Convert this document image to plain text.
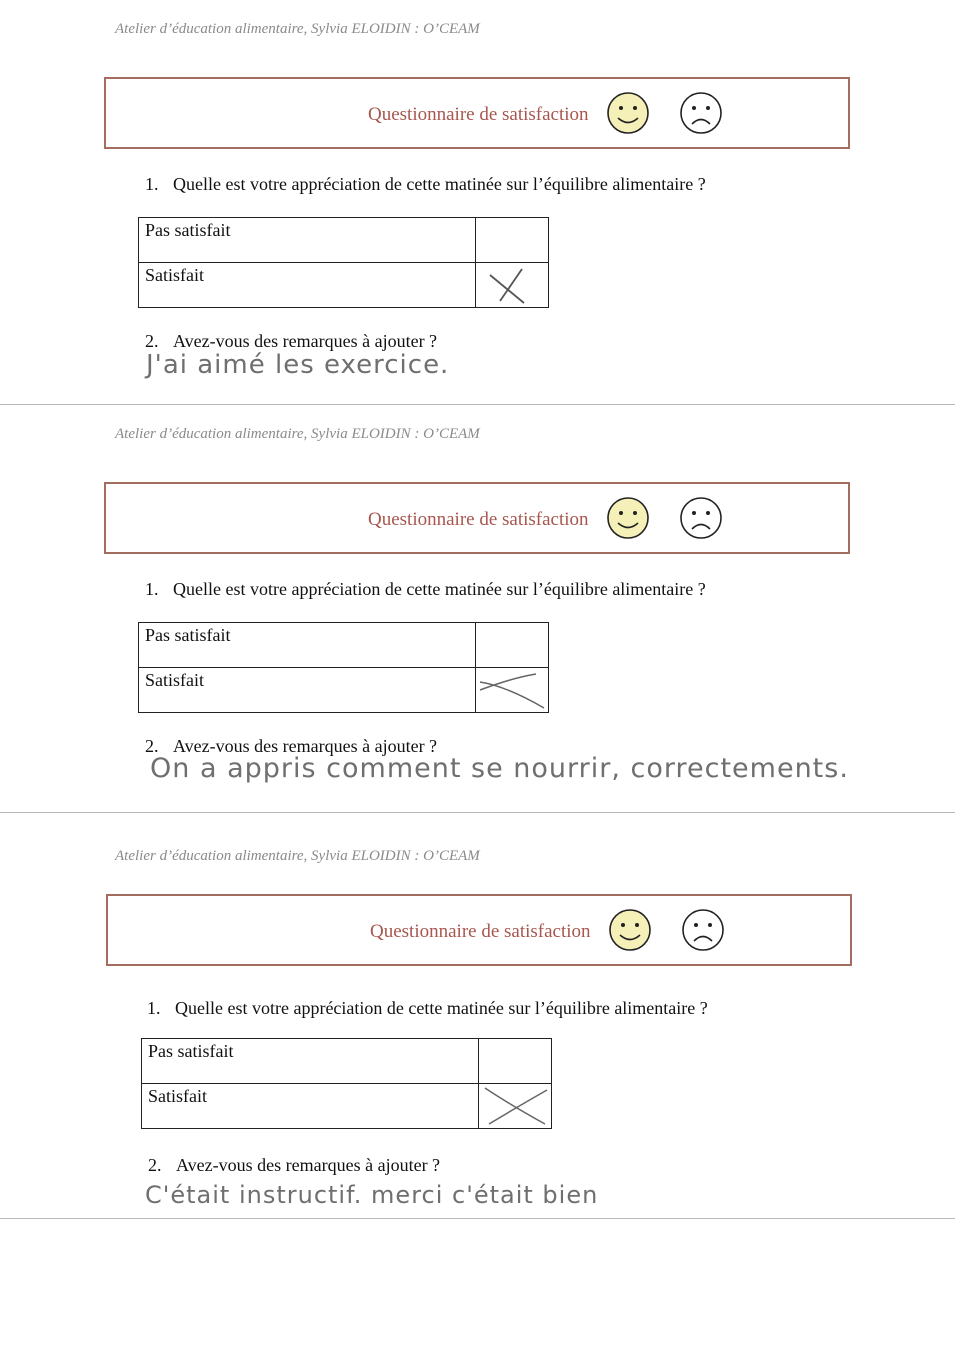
Atelier d’éducation alimentaire, Sylvia ELOIDIN : O’CEAM
Questionnaire de satisfaction
1. Quelle est votre appréciation de cette matinée sur l’équilibre alimentaire ?
Pas satisfait
Satisfait
2. Avez-vous des remarques à ajouter ?
J'ai aimé les exercice.
Atelier d’éducation alimentaire, Sylvia ELOIDIN : O’CEAM
Questionnaire de satisfaction
1. Quelle est votre appréciation de cette matinée sur l’équilibre alimentaire ?
Pas satisfait
Satisfait
2. Avez-vous des remarques à ajouter ?
On a appris comment se nourrir, correctements.
Atelier d’éducation alimentaire, Sylvia ELOIDIN : O’CEAM
Questionnaire de satisfaction
1. Quelle est votre appréciation de cette matinée sur l’équilibre alimentaire ?
Pas satisfait
Satisfait
2. Avez-vous des remarques à ajouter ?
C'était instructif. merci c'était bien
